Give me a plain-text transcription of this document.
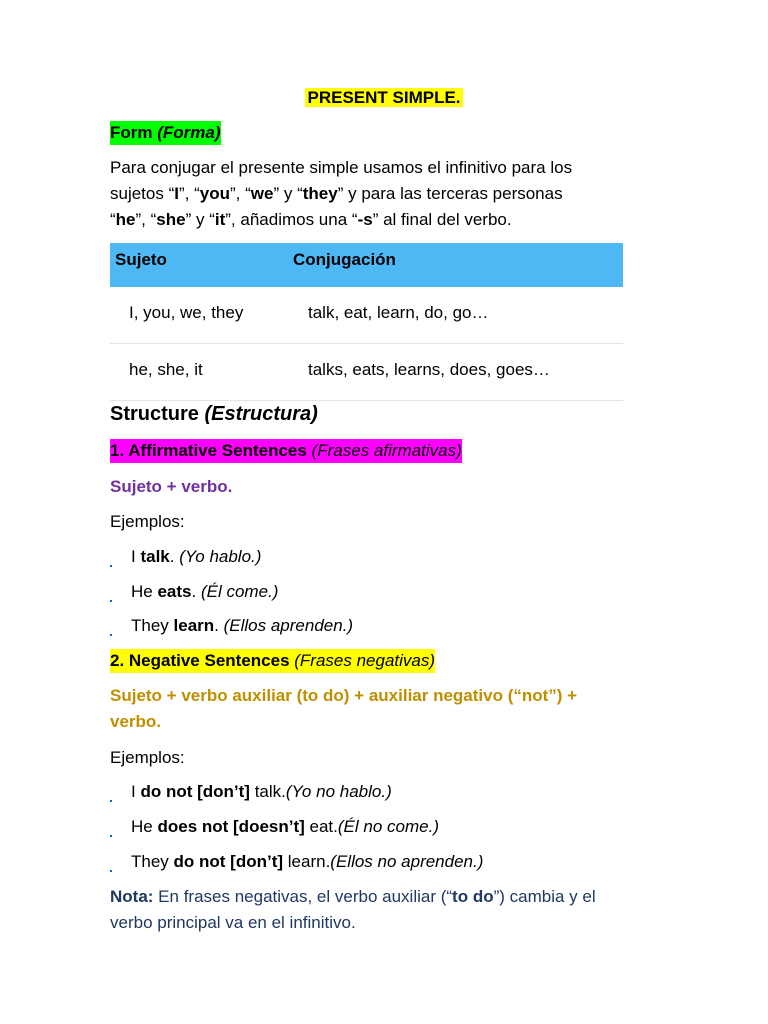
PRESENT SIMPLE.
Form (Forma)
Para conjugar el presente simple usamos el infinitivo para los
sujetos “I”, “you”, “we” y “they” y para las terceras personas
“he”, “she” y “it”, añadimos una “-s” al final del verbo.
Sujeto	Conjugación
I, you, we, they	talk, eat, learn, do, go…
he, she, it	talks, eats, learns, does, goes…
Structure (Estructura)
1. Affirmative Sentences (Frases afirmativas)
Sujeto + verbo.
Ejemplos:
I talk. (Yo hablo.)
He eats. (Él come.)
They learn. (Ellos aprenden.)
2. Negative Sentences (Frases negativas)
Sujeto + verbo auxiliar (to do) + auxiliar negativo (“not”) +
verbo.
Ejemplos:
I do not [don’t] talk.(Yo no hablo.)
He does not [doesn’t] eat.(Él no come.)
They do not [don’t] learn.(Ellos no aprenden.)
Nota: En frases negativas, el verbo auxiliar (“to do”) cambia y el
verbo principal va en el infinitivo.
